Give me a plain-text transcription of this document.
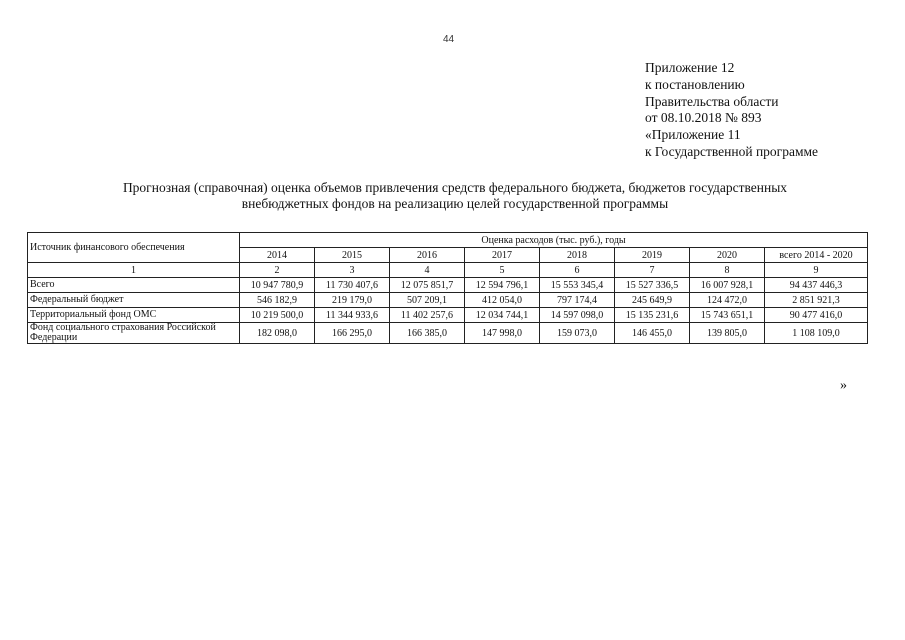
44
Приложение 12
к постановлению
Правительства области
от 08.10.2018 № 893
«Приложение 11
к Государственной программе
Прогнозная (справочная) оценка объемов привлечения средств федерального бюджета, бюджетов государственных
внебюджетных фондов на реализацию целей государственной программы
Источник финансового обеспечения	Оценка расходов (тыс. руб.), годы							
	2014	2015	2016	2017	2018	2019	2020	всего 2014 - 2020
1	2	3	4	5	6	7	8	9
Всего	10 947 780,9	11 730 407,6	12 075 851,7	12 594 796,1	15 553 345,4	15 527 336,5	16 007 928,1	94 437 446,3
Федеральный бюджет	546 182,9	219 179,0	507 209,1	412 054,0	797 174,4	245 649,9	124 472,0	2 851 921,3
Территориальный фонд ОМС	10 219 500,0	11 344 933,6	11 402 257,6	12 034 744,1	14 597 098,0	15 135 231,6	15 743 651,1	90 477 416,0
Фонд социального страхования Российской Федерации	182 098,0	166 295,0	166 385,0	147 998,0	159 073,0	146 455,0	139 805,0	1 108 109,0
»
